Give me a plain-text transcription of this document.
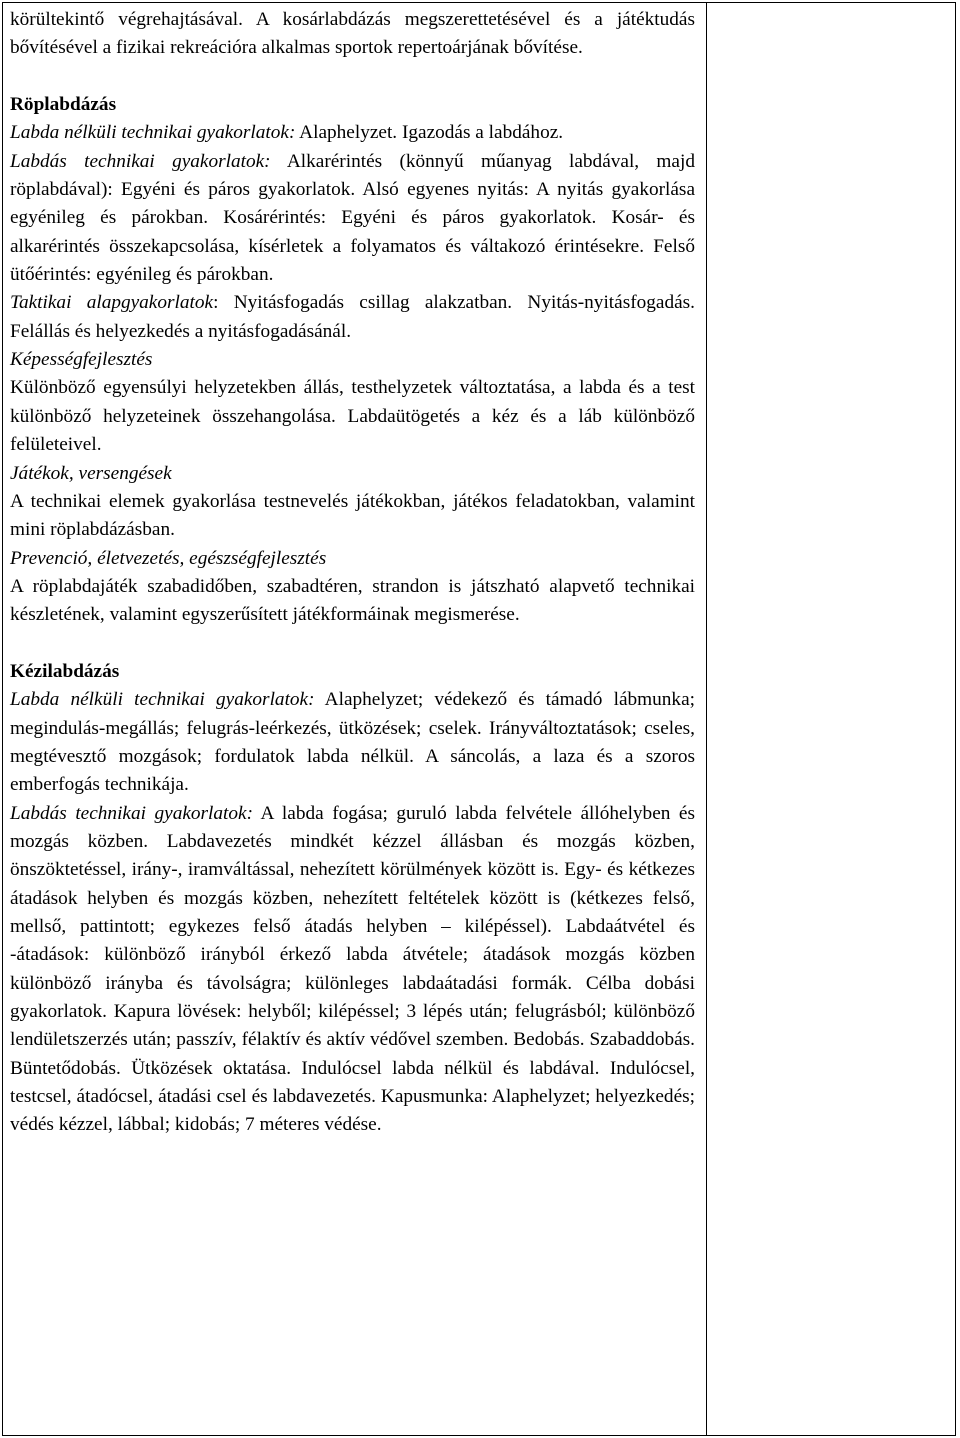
körültekintő végrehajtásával. A kosárlabdázás megszerettetésével és a játéktudás bővítésével a fizikai rekreációra alkalmas sportok repertoárjának bővítése.

Röplabdázás

Labda nélküli technikai gyakorlatok: Alaphelyzet. Igazodás a labdához.

Labdás technikai gyakorlatok: Alkarérintés (könnyű műanyag labdával, majd röplabdával): Egyéni és páros gyakorlatok. Alsó egyenes nyitás: A nyitás gyakorlása egyénileg és párokban. Kosárérintés: Egyéni és páros gyakorlatok. Kosár- és alkarérintés összekapcsolása, kísérletek a folyamatos és váltakozó érintésekre. Felső ütőérintés: egyénileg és párokban.

Taktikai alapgyakorlatok: Nyitásfogadás csillag alakzatban. Nyitás-nyitásfogadás. Felállás és helyezkedés a nyitásfogadásánál.

Képességfejlesztés

Különböző egyensúlyi helyzetekben állás, testhelyzetek változtatása, a labda és a test különböző helyzeteinek összehangolása. Labdaütögetés a kéz és a láb különböző felületeivel.

Játékok, versengések

A technikai elemek gyakorlása testnevelés játékokban, játékos feladatokban, valamint mini röplabdázásban.

Prevenció, életvezetés, egészségfejlesztés

A röplabdajáték szabadidőben, szabadtéren, strandon is játszható alapvető technikai készletének, valamint egyszerűsített játékformáinak megismerése.

Kézilabdázás

Labda nélküli technikai gyakorlatok: Alaphelyzet; védekező és támadó lábmunka; megindulás-megállás; felugrás-leérkezés, ütközések; cselek. Irányváltoztatások; cseles, megtévesztő mozgások; fordulatok labda nélkül. A sáncolás, a laza és a szoros emberfogás technikája.

Labdás technikai gyakorlatok: A labda fogása; guruló labda felvétele állóhelyben és mozgás közben. Labdavezetés mindkét kézzel állásban és mozgás közben, önszöktetéssel, irány-, iramváltással, nehezített körülmények között is. Egy- és kétkezes átadások helyben és mozgás közben, nehezített feltételek között is (kétkezes felső, mellső, pattintott; egykezes felső átadás helyben – kilépéssel). Labdaátvétel és -átadások: különböző irányból érkező labda átvétele; átadások mozgás közben különböző irányba és távolságra; különleges labdaátadási formák. Célba dobási gyakorlatok. Kapura lövések: helyből; kilépéssel; 3 lépés után; felugrásból; különböző lendületszerzés után; passzív, félaktív és aktív védővel szemben. Bedobás. Szabaddobás. Büntetődobás. Ütközések oktatása. Indulócsel labda nélkül és labdával. Indulócsel, testcsel, átadócsel, átadási csel és labdavezetés. Kapusmunka: Alaphelyzet; helyezkedés; védés kézzel, lábbal; kidobás; 7 méteres védése.
